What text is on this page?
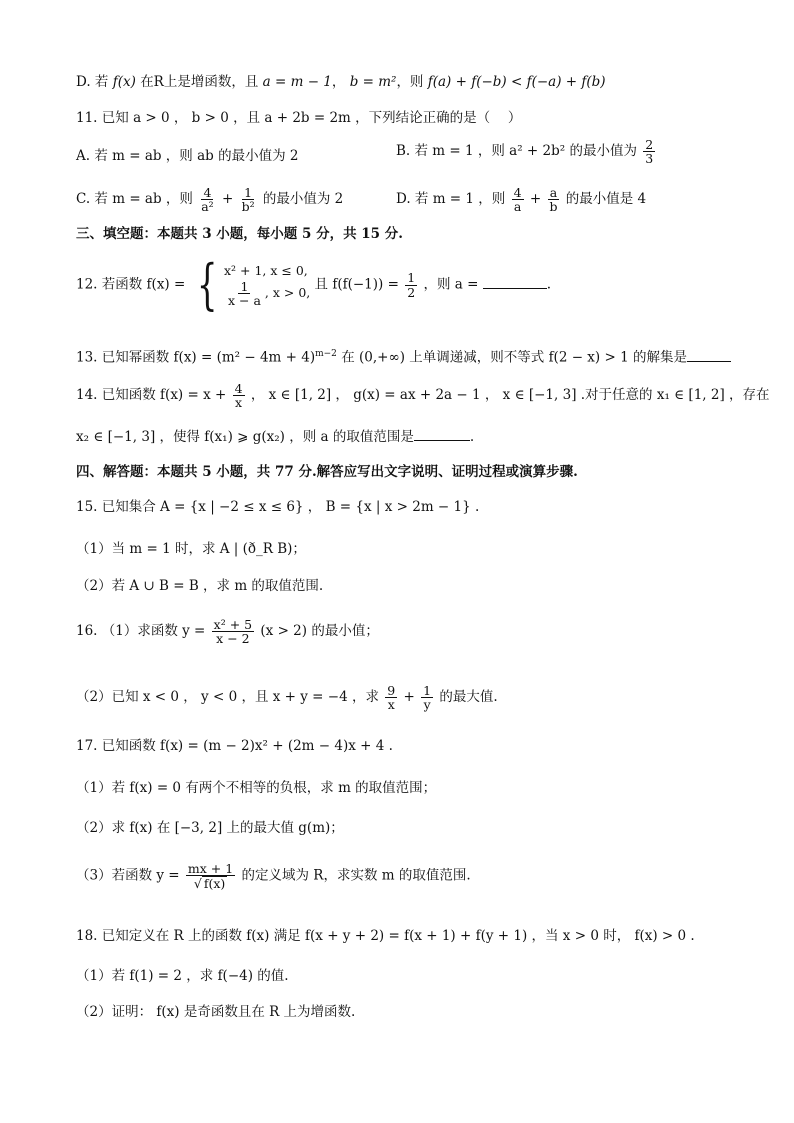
D. 若 f(x) 在R上是增函数，且 a = m − 1， b = m²，则 f(a) + f(−b) < f(−a) + f(b)
11. 已知 a > 0 ， b > 0 ，且 a + 2b = 2m ，下列结论正确的是（　 ）
A. 若 m = ab ，则 ab 的最小值为 2	B. 若 m = 1 ，则 a² + 2b² 的最小值为 $\frac{2}{3}$
C. 若 m = ab ，则 $\frac{4}{\text{a²}} + \frac{1}{\text{b²}}$ 的最小值为 2	D. 若 m = 1 ，则 $\frac{4}{a} + \frac{a}{b}$ 的最小值是 4
三、填空题：本题共 3 小题，每小题 5 分，共 15 分.
12. 若函数 f(x) = { x² + 1, x ≤ 0,
$\frac{1}{x - a}$ , x > 0, 且 $f(f(-1)) = \frac{1}{2}$ ，则 a =	.
13. 已知幂函数 $f(x) = (m^2 - 4m + 4)^{m-2}$ 在 (0,+∞) 上单调递减，则不等式 f(2 − x) > 1 的解集是
14. 已知函数 $f(x) = x + \frac{4}{x}$ ， x ∈ [1, 2] ， g(x) = ax + 2a − 1 ， x ∈ [−1, 3] .对于任意的 x₁ ∈ [1, 2] ，存在
x₂ ∈ [−1, 3] ，使得 f(x₁) ⩾ g(x₂) ，则 a 的取值范围是	.
四、解答题：本题共 5 小题，共 77 分.解答应写出文字说明、证明过程或演算步骤.
15. 已知集合 A = {x | −2 ≤ x ≤ 6} ， B = {x | x > 2m − 1} .
（1）当 m = 1 时，求 A | (ð_R B)；
（2）若 A ∪ B = B ，求 m 的取值范围.
16. （1）求函数 $y = \frac{\text{x² + 5}}{x - 2} (x > 2)$ 的最小值；
（2）已知 x < 0 ， y < 0 ，且 x + y = −4 ，求 $\frac{9}{x} + \frac{1}{y}$ 的最大值.
17. 已知函数 f(x) = (m − 2)x² + (2m − 4)x + 4 .
（1）若 f(x) = 0 有两个不相等的负根，求 m 的取值范围；
（2）求 f(x) 在 [−3, 2] 上的最大值 g(m)；
（3）若函数 $y = \frac{mx + 1}{√ f(x)}$ 的定义域为 R，求实数 m 的取值范围.
18. 已知定义在 R 上的函数 f(x) 满足 f(x + y + 2) = f(x + 1) + f(y + 1) ，当 x > 0 时， f(x) > 0 .
（1）若 f(1) = 2 ，求 f(−4) 的值.
（2）证明： f(x) 是奇函数且在 R 上为增函数.
